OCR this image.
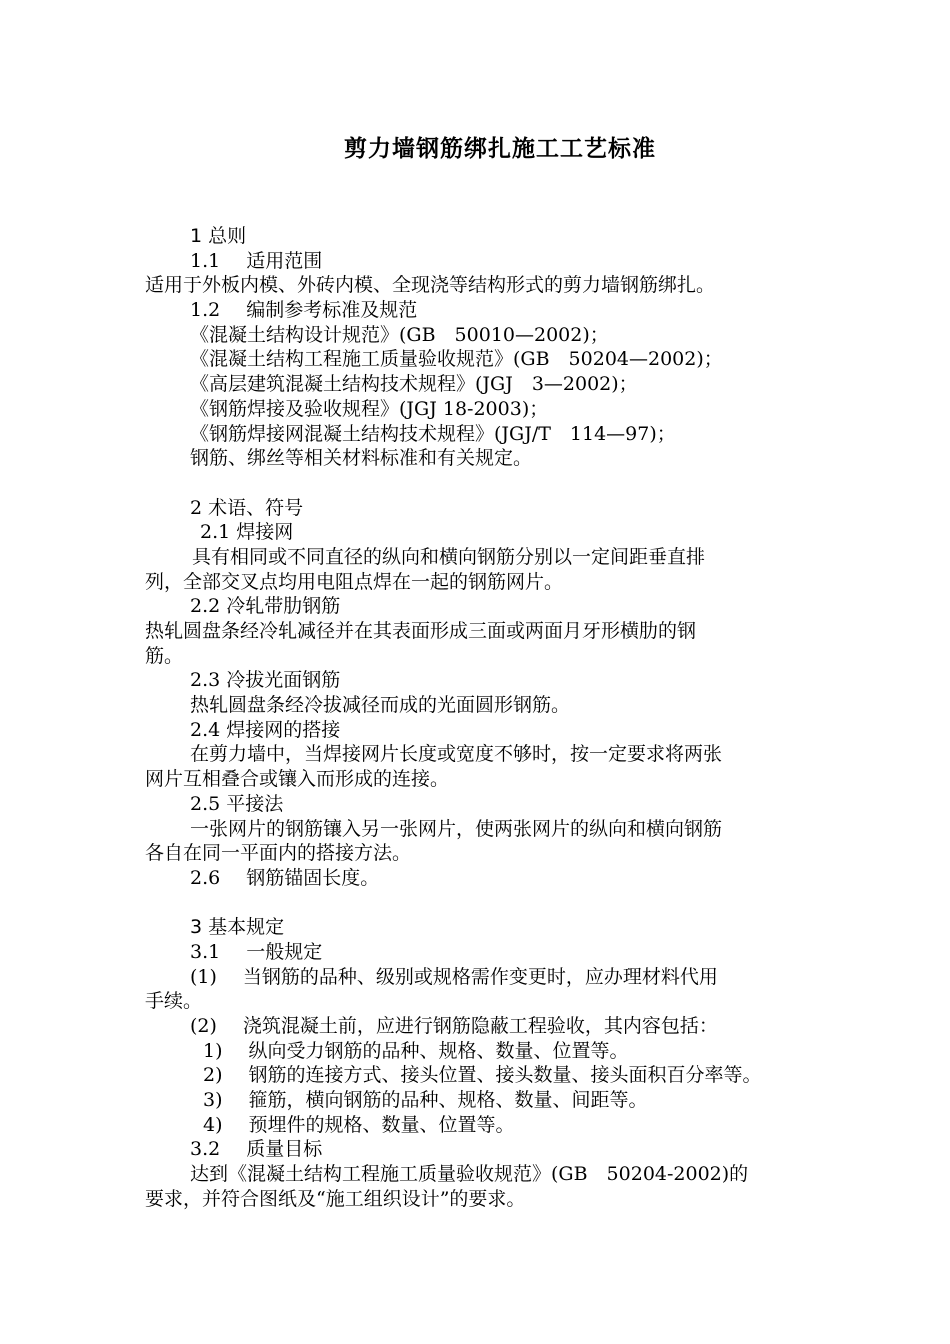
剪力墙钢筋绑扎施工工艺标准
1 总则
1.1 适用范围
适用于外板内模、外砖内模、全现浇等结构形式的剪力墙钢筋绑扎。
1.2 编制参考标准及规范
《混凝土结构设计规范》(GB　50010—2002)；
《混凝土结构工程施工质量验收规范》(GB　50204—2002)；
《高层建筑混凝土结构技术规程》(JGJ　3—2002)；
《钢筋焊接及验收规程》(JGJ 18-2003)；
《钢筋焊接网混凝土结构技术规程》(JGJ/T　114—97)；
钢筋、绑丝等相关材料标准和有关规定。
2 术语、符号
2.1 焊接网
具有相同或不同直径的纵向和横向钢筋分别以一定间距垂直排
列，全部交叉点均用电阻点焊在一起的钢筋网片。
2.2 冷轧带肋钢筋
热轧圆盘条经冷轧减径并在其表面形成三面或两面月牙形横肋的钢
筋。
2.3 冷拔光面钢筋
热轧圆盘条经冷拔减径而成的光面圆形钢筋。
2.4 焊接网的搭接
在剪力墙中，当焊接网片长度或宽度不够时，按一定要求将两张
网片互相叠合或镶入而形成的连接。
2.5 平接法
一张网片的钢筋镶入另一张网片，使两张网片的纵向和横向钢筋
各自在同一平面内的搭接方法。
2.6 钢筋锚固长度。
3 基本规定
3.1 一般规定
(1) 当钢筋的品种、级别或规格需作变更时，应办理材料代用
手续。
(2) 浇筑混凝土前，应进行钢筋隐蔽工程验收，其内容包括：
1) 纵向受力钢筋的品种、规格、数量、位置等。
2) 钢筋的连接方式、接头位置、接头数量、接头面积百分率等。
3) 箍筋，横向钢筋的品种、规格、数量、间距等。
4) 预埋件的规格、数量、位置等。
3.2 质量目标
达到《混凝土结构工程施工质量验收规范》(GB　50204-2002)的
要求，并符合图纸及“施工组织设计”的要求。
